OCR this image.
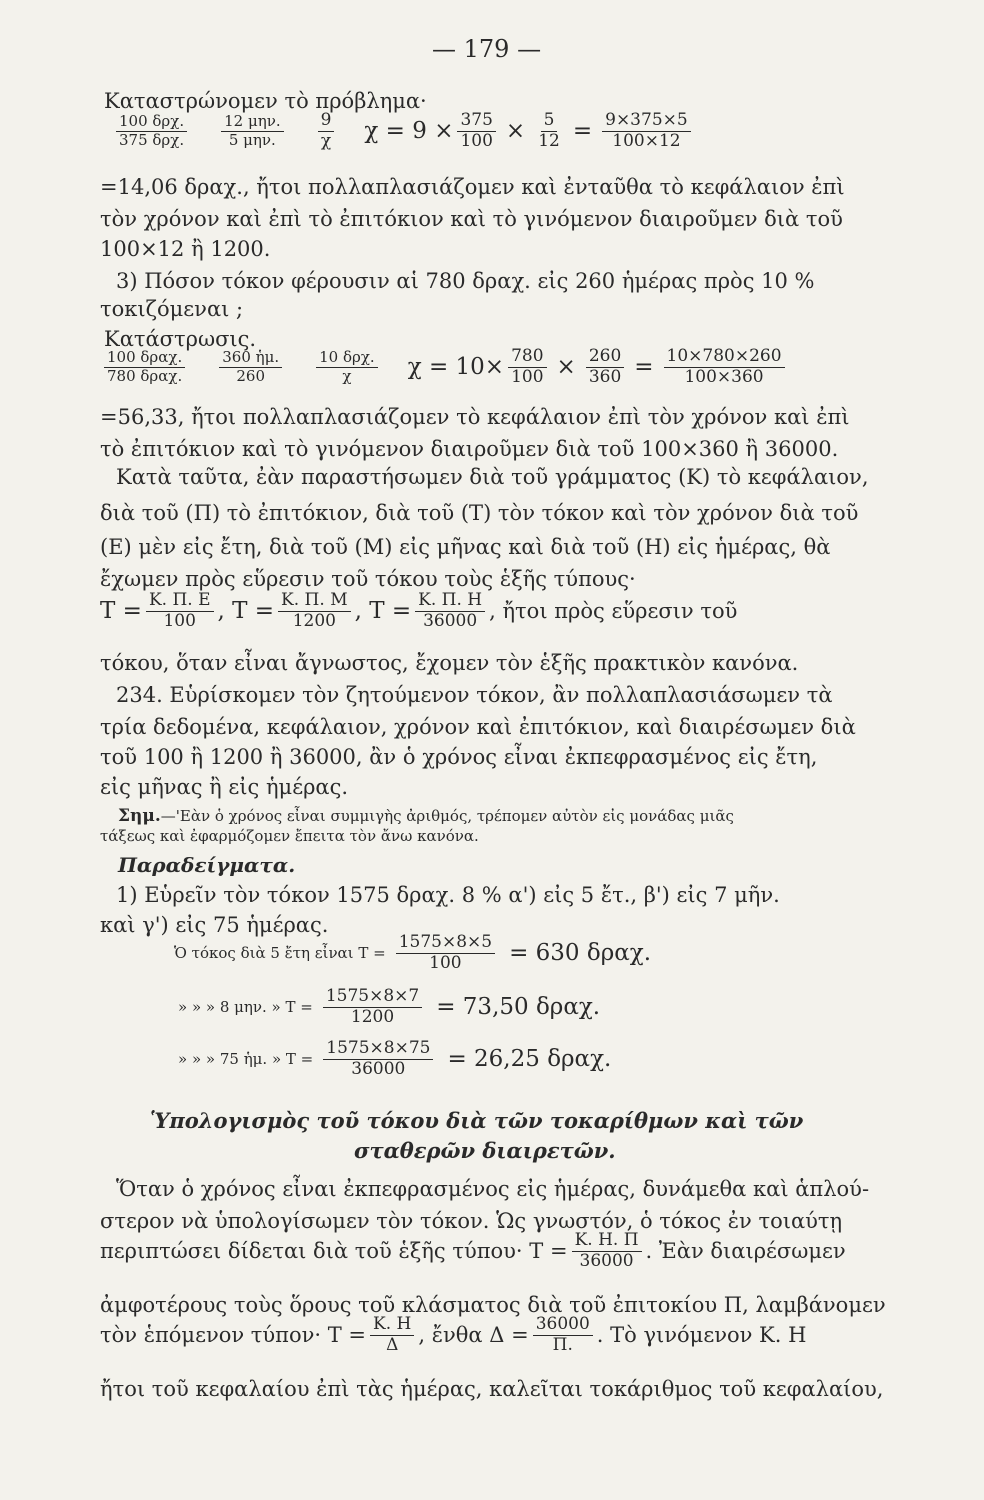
— 179 —
Καταστρώνομεν τὸ πρόβλημα·
$\frac{\text{100 δρχ.}}{\text{375 δρχ.}} \frac{\text{12 μην.}}{\text{5 μην.}} \frac{9}{\chi}$ $\chi = 9 \times \frac{375}{100} \times \frac{5}{12} = \frac{9\times 375\times 5}{100\times 12}$
=14,06 δραχ., ἤτοι πολλαπλασιάζομεν καὶ ἐνταῦθα τὸ κεφάλαιον ἐπὶ
τὸν χρόνον καὶ ἐπὶ τὸ ἐπιτόκιον καὶ τὸ γινόμενον διαιροῦμεν διὰ τοῦ
100×12 ἢ 1200.
3) Πόσον τόκον φέρουσιν αἱ 780 δραχ. εἰς 260 ἡμέρας πρὸς 10 %
τοκιζόμεναι ;
Κατάστρωσις.
$\frac{\text{100 δραχ.}}{\text{780 δραχ.}} \frac{\text{360 ἡμ.}}{260} \frac{\text{10 δρχ.}}{\chi}$ $\chi = 10\times \frac{780}{100} \times \frac{260}{360} = \frac{10\times 780\times 260}{100\times 360}$
=56,33, ἤτοι πολλαπλασιάζομεν τὸ κεφάλαιον ἐπὶ τὸν χρόνον καὶ ἐπὶ
τὸ ἐπιτόκιον καὶ τὸ γινόμενον διαιροῦμεν διὰ τοῦ 100×360 ἢ 36000.
Κατὰ ταῦτα, ἐὰν παραστήσωμεν διὰ τοῦ γράμματος (Κ) τὸ κεφάλαιον,
διὰ τοῦ (Π) τὸ ἐπιτόκιον, διὰ τοῦ (Τ) τὸν τόκον καὶ τὸν χρόνον διὰ τοῦ
(Ε) μὲν εἰς ἔτη, διὰ τοῦ (Μ) εἰς μῆνας καὶ διὰ τοῦ (Η) εἰς ἡμέρας, θὰ
ἔχωμεν πρὸς εὕρεσιν τοῦ τόκου τοὺς ἑξῆς τύπους·
$T = \frac{K. \Pi. E}{100}$ , $T = \frac{K. \Pi. M}{1200}$ , $T = \frac{K. \Pi. H}{36000}$ , ἤτοι πρὸς εὕρεσιν τοῦ
τόκου, ὅταν εἶναι ἄγνωστος, ἔχομεν τὸν ἑξῆς πρακτικὸν κανόνα.
234. Εὑρίσκομεν τὸν ζητούμενον τόκον, ἂν πολλαπλασιάσωμεν τὰ
τρία δεδομένα, κεφάλαιον, χρόνον καὶ ἐπιτόκιον, καὶ διαιρέσωμεν διὰ
τοῦ 100 ἢ 1200 ἢ 36000, ἂν ὁ χρόνος εἶναι ἐκπεφρασμένος εἰς ἔτη,
εἰς μῆνας ἢ εἰς ἡμέρας.
Σημ.—'Εὰν ὁ χρόνος εἶναι συμμιγὴς ἀριθμός, τρέπομεν αὐτὸν εἰς μονάδας μιᾶς
τάξεως καὶ ἐφαρμόζομεν ἔπειτα τὸν ἄνω κανόνα.
Παραδείγματα.
1) Εὑρεῖν τὸν τόκον 1575 δραχ. 8 % α') εἰς 5 ἔτ., β') εἰς 7 μῆν.
καὶ γ') εἰς 75 ἡμέρας.
Ὁ τόκος διὰ 5 ἔτη εἶναι $T = \frac{1575\times 8\times 5}{100} = 630$ δραχ.
» » » 8 μην. » $T = \frac{1575\times 8\times 7}{1200} = 73,50$ δραχ.
» » » 75 ἡμ. » $T = \frac{1575\times 8\times 75}{36000} = 26,25$ δραχ.
Ὑπολογισμὸς τοῦ τόκου διὰ τῶν τοκαρίθμων καὶ τῶν
σταθερῶν διαιρετῶν.
Ὅταν ὁ χρόνος εἶναι ἐκπεφρασμένος εἰς ἡμέρας, δυνάμεθα καὶ ἁπλού-
στερον νὰ ὑπολογίσωμεν τὸν τόκον. Ὡς γνωστόν, ὁ τόκος ἐν τοιαύτῃ
περιπτώσει δίδεται διὰ τοῦ ἑξῆς $\tau ύ\pi o\upsilon\cdot T = \frac{K. H. \Pi}{36000}$ . Ἐὰν διαιρέσωμεν
ἀμφοτέρους τοὺς ὅρους τοῦ κλάσματος διὰ τοῦ ἐπιτοκίου Π, λαμβάνομεν
τὸν ἑπόμενον $\tau ύ\pi o\nu\cdot T = \frac{K. H}{\Delta}$ , ἔνθα $\Delta = \frac{36000}{\Pi.}$ . Τὸ γινόμενον Κ. Η
ἤτοι τοῦ κεφαλαίου ἐπὶ τὰς ἡμέρας, καλεῖται τοκάριθμος τοῦ κεφαλαίου,
